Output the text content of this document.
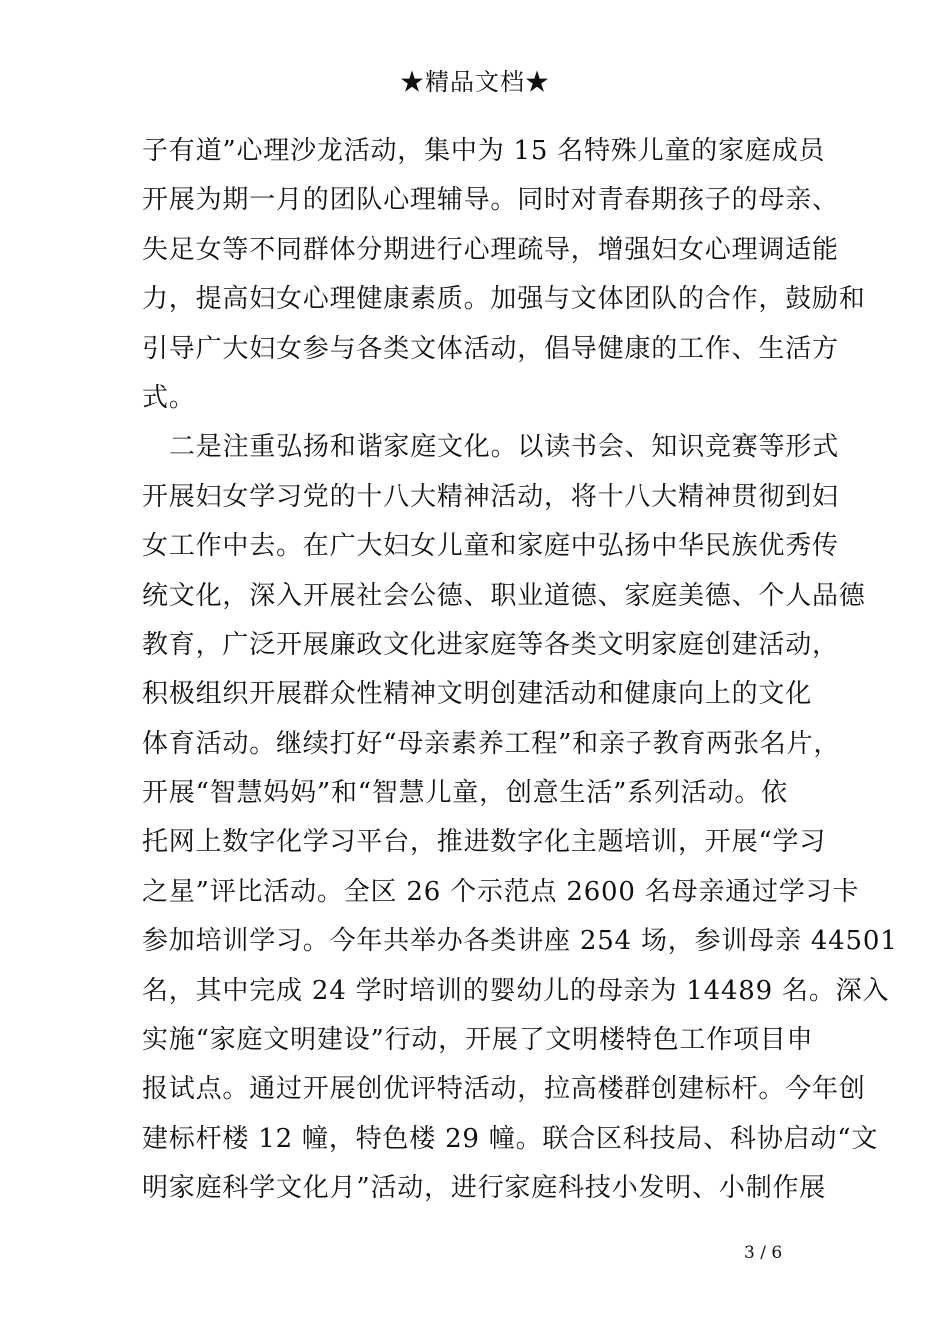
★精品文档★
子有道”心理沙龙活动，集中为 15 名特殊儿童的家庭成员
开展为期一月的团队心理辅导。同时对青春期孩子的母亲、
失足女等不同群体分期进行心理疏导，增强妇女心理调适能
力，提高妇女心理健康素质。加强与文体团队的合作，鼓励和
引导广大妇女参与各类文体活动，倡导健康的工作、生活方
式。
二是注重弘扬和谐家庭文化。以读书会、知识竞赛等形式
开展妇女学习党的十八大精神活动，将十八大精神贯彻到妇
女工作中去。在广大妇女儿童和家庭中弘扬中华民族优秀传
统文化，深入开展社会公德、职业道德、家庭美德、个人品德
教育，广泛开展廉政文化进家庭等各类文明家庭创建活动，
积极组织开展群众性精神文明创建活动和健康向上的文化
体育活动。继续打好“母亲素养工程”和亲子教育两张名片，
开展“智慧妈妈”和“智慧儿童，创意生活”系列活动。依
托网上数字化学习平台，推进数字化主题培训，开展“学习
之星”评比活动。全区 26 个示范点 2600 名母亲通过学习卡
参加培训学习。今年共举办各类讲座 254 场，参训母亲 44501
名，其中完成 24 学时培训的婴幼儿的母亲为 14489 名。深入
实施“家庭文明建设”行动，开展了文明楼特色工作项目申
报试点。通过开展创优评特活动，拉高楼群创建标杆。今年创
建标杆楼 12 幢，特色楼 29 幢。联合区科技局、科协启动“文
明家庭科学文化月”活动，进行家庭科技小发明、小制作展
3 / 6
